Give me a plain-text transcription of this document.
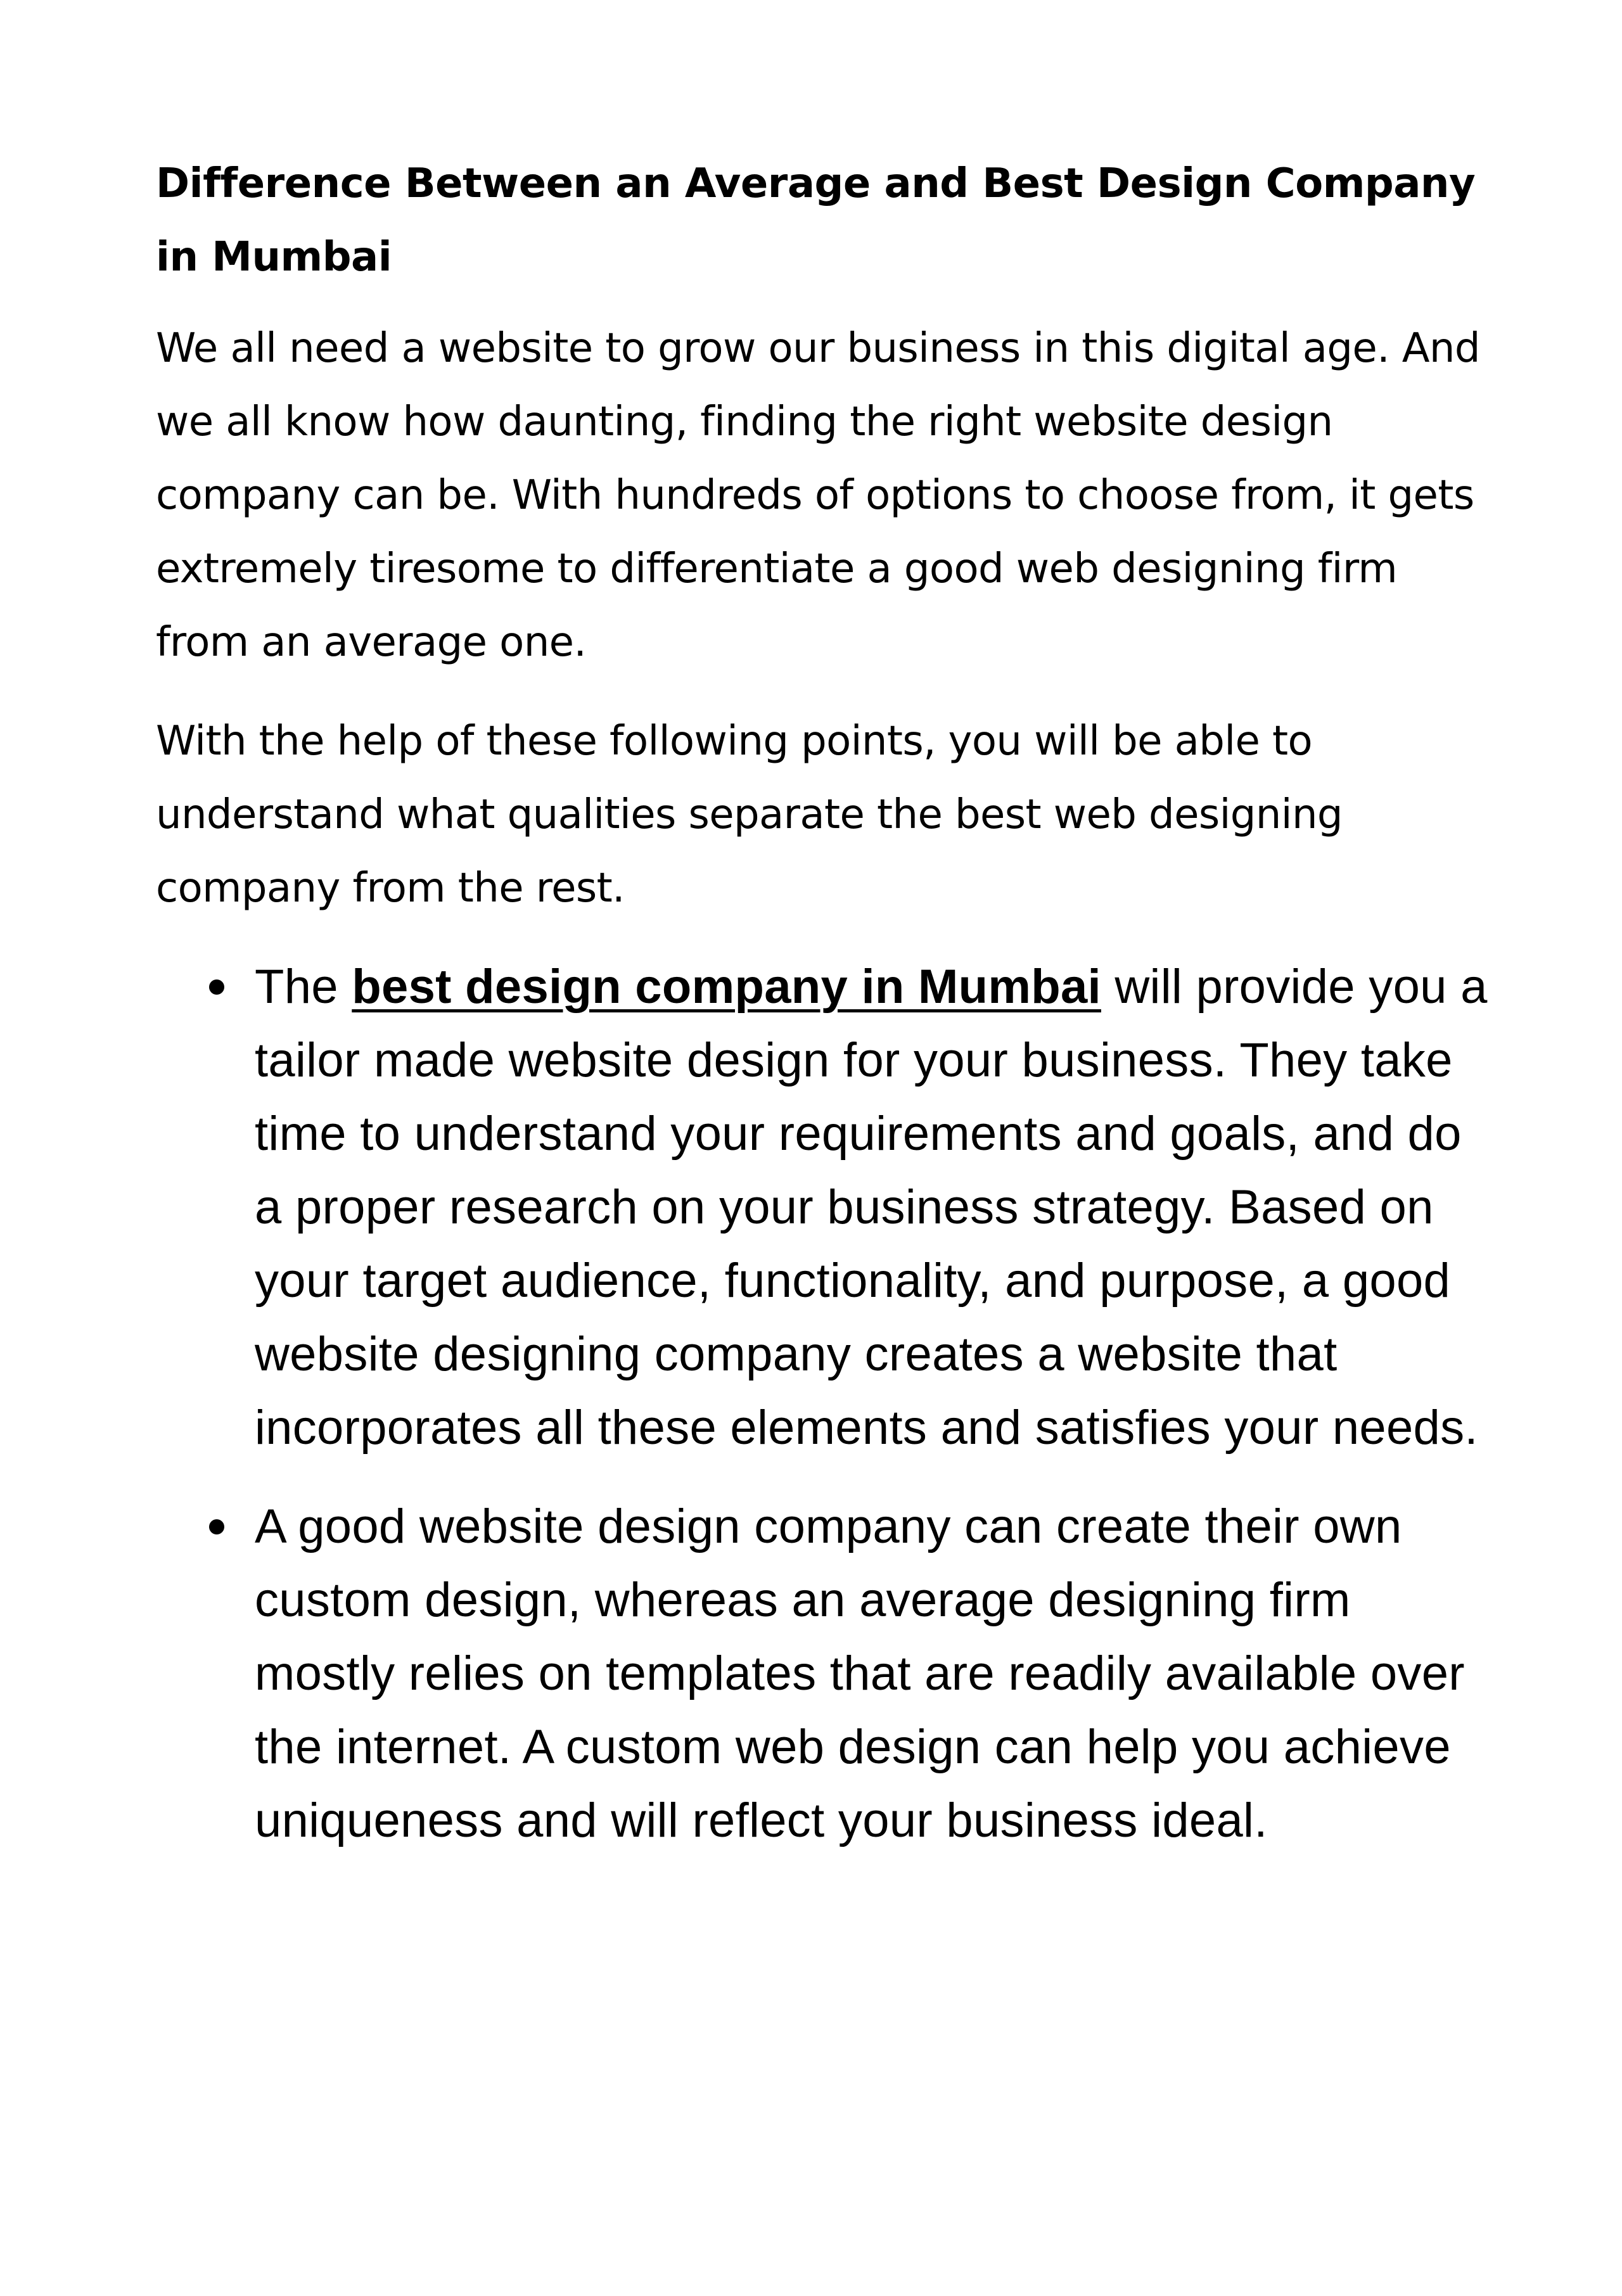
Difference Between an Average and Best Design Company in Mumbai

We all need a website to grow our business in this digital age. And we all know how daunting, finding the right website design company can be. With hundreds of options to choose from, it gets extremely tiresome to differentiate a good web designing firm from an average one.

With the help of these following points, you will be able to understand what qualities separate the best web designing company from the rest.

The best design company in Mumbai will provide you a tailor made website design for your business. They take time to understand your requirements and goals, and do a proper research on your business strategy. Based on your target audience, functionality, and purpose, a good website designing company creates a website that incorporates all these elements and satisfies your needs.
A good website design company can create their own custom design, whereas an average designing firm mostly relies on templates that are readily available over the internet. A custom web design can help you achieve uniqueness and will reflect your business ideal.
